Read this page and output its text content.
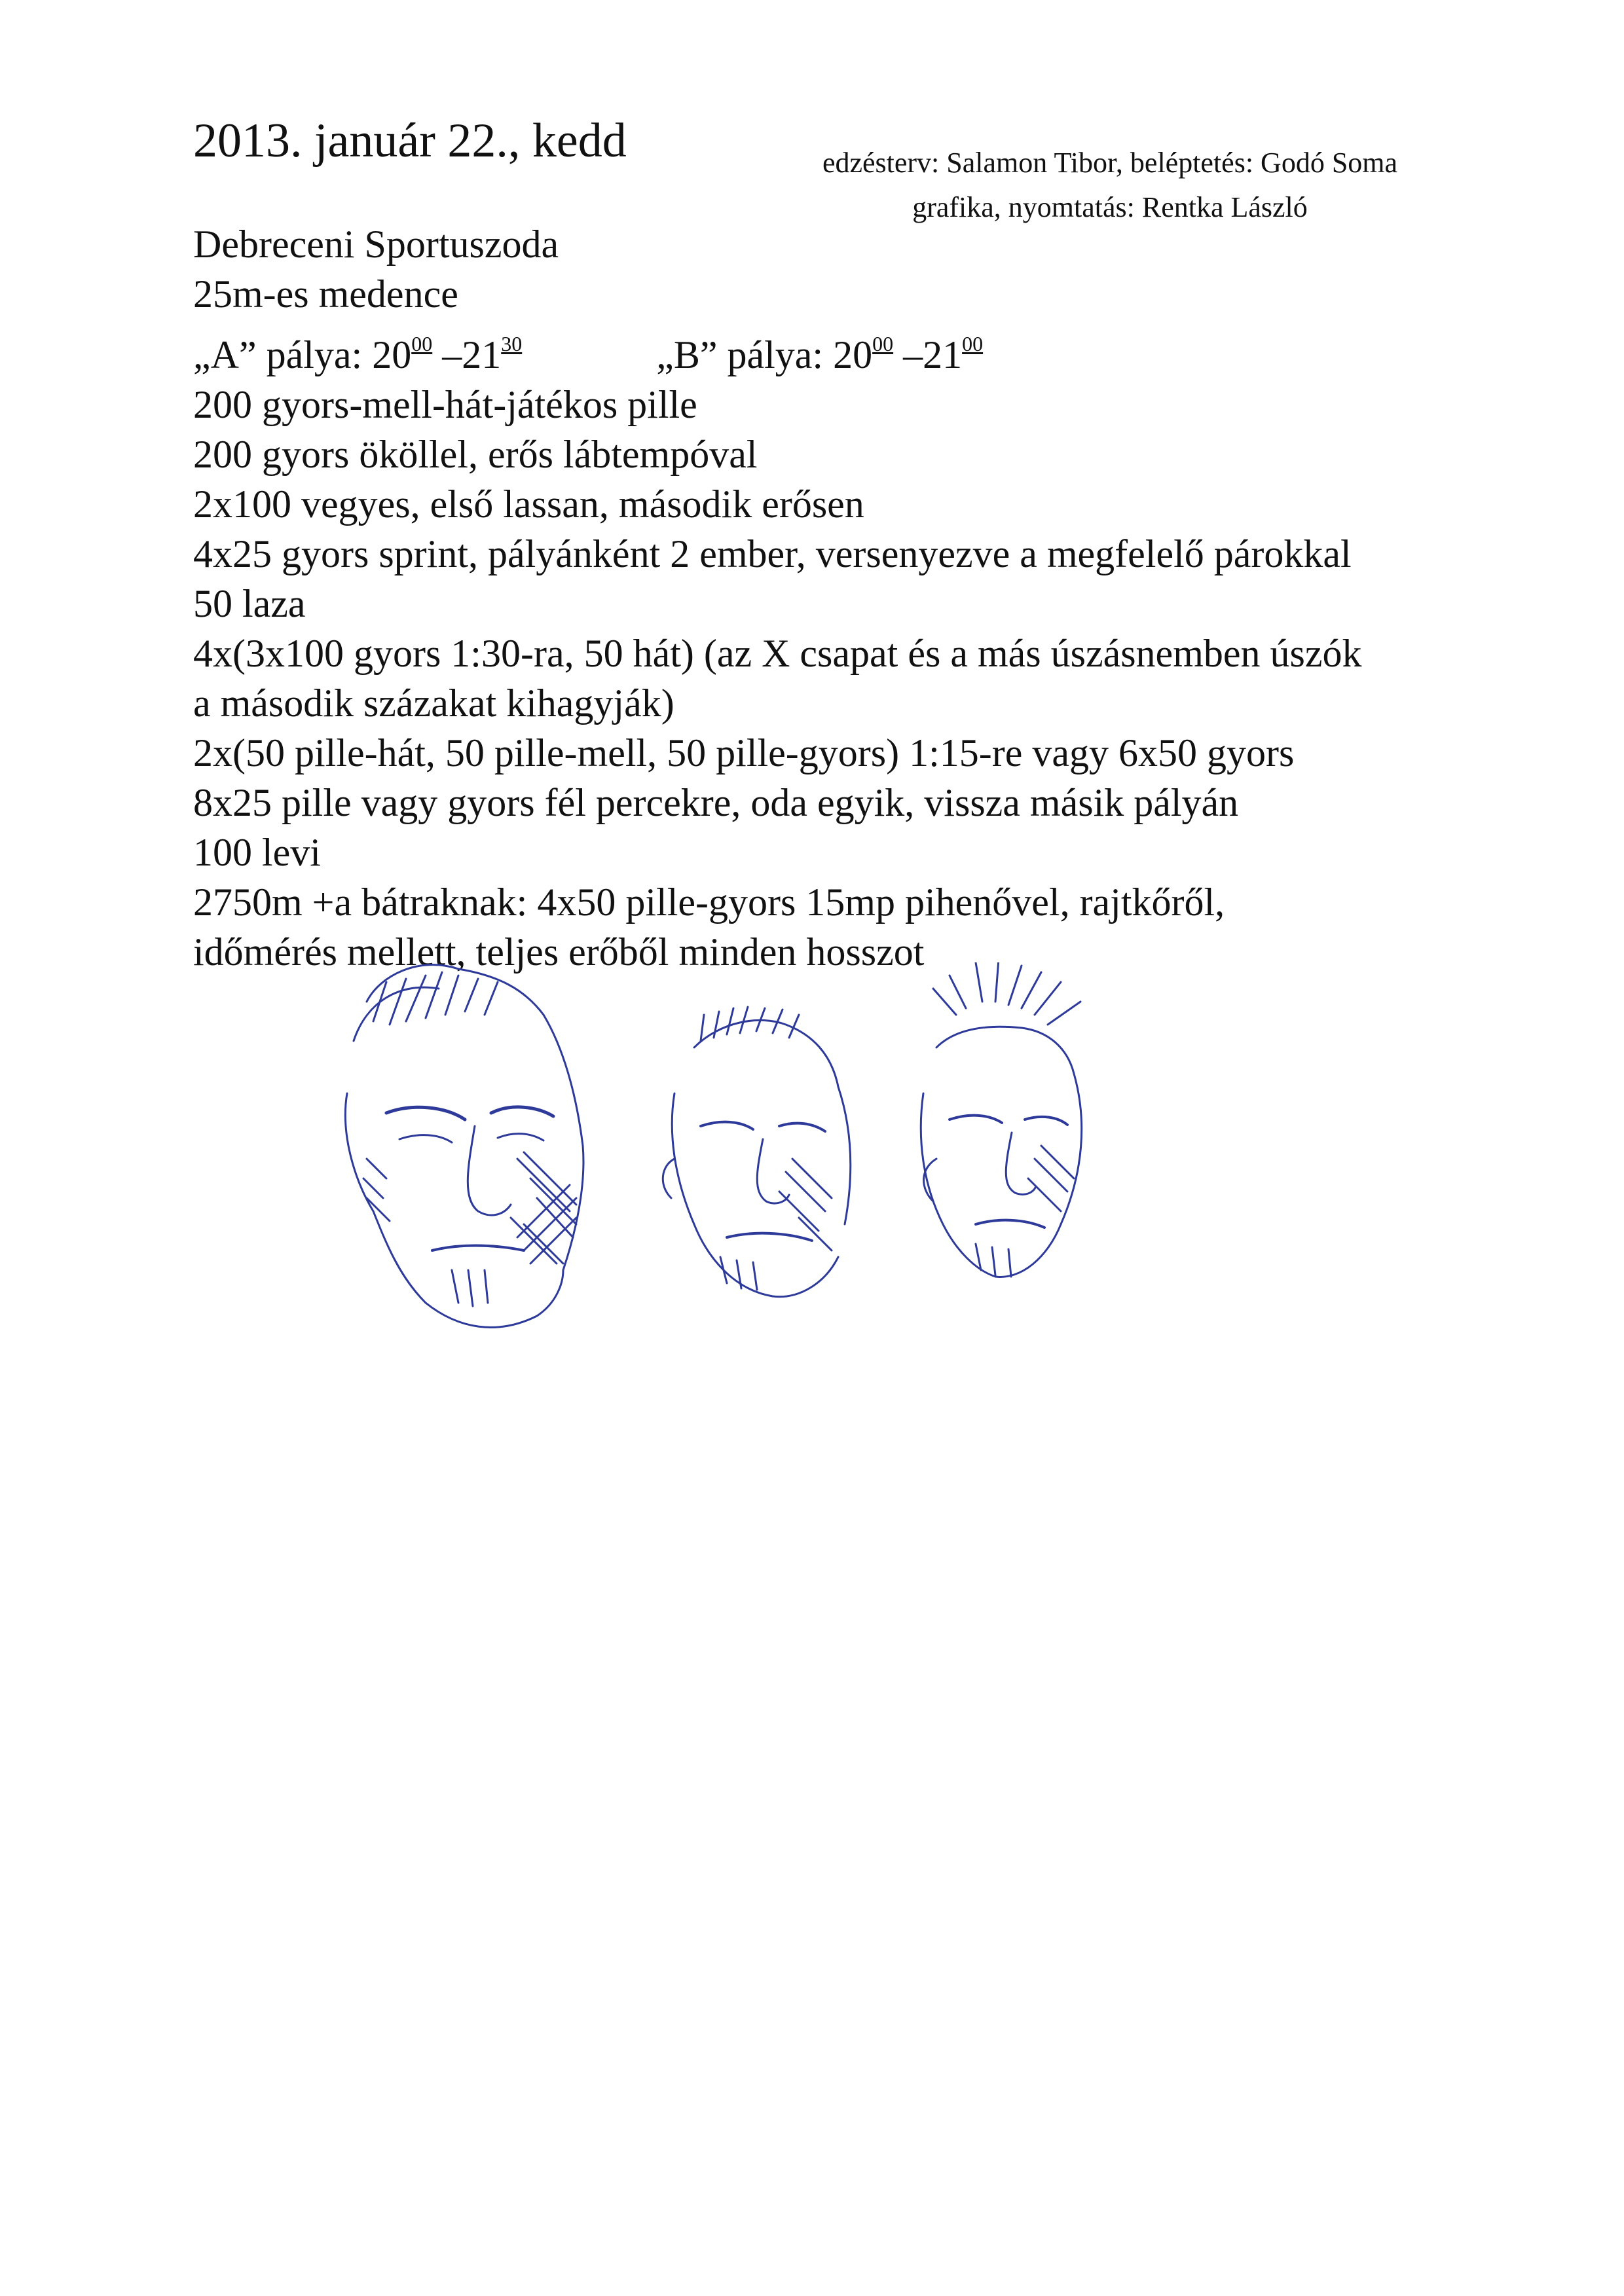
2013. január 22., kedd	edzésterv: Salamon Tibor, beléptetés: Godó Soma
grafika, nyomtatás: Rentka László
Debreceni Sportuszoda
25m-es medence
„A” pálya: $20^{00}$ $-21^{30}$	„B” pálya: $20^{00}$ $-21^{00}$
200 gyors-mell-hát-játékos pille
200 gyors ököllel, erős lábtempóval
2x100 vegyes, első lassan, második erősen
4x25 gyors sprint, pályánként 2 ember, versenyezve a megfelelő párokkal
50 laza
4x(3x100 gyors 1:30-ra, 50 hát) (az X csapat és a más úszásnemben úszók
a második százakat kihagyják)
2x(50 pille-hát, 50 pille-mell, 50 pille-gyors) 1:15-re vagy 6x50 gyors
8x25 pille vagy gyors fél percekre, oda egyik, vissza másik pályán
100 levi
2750m +a bátraknak: 4x50 pille-gyors 15mp pihenővel, rajtkőről,
időmérés mellett, teljes erőből minden hosszot
